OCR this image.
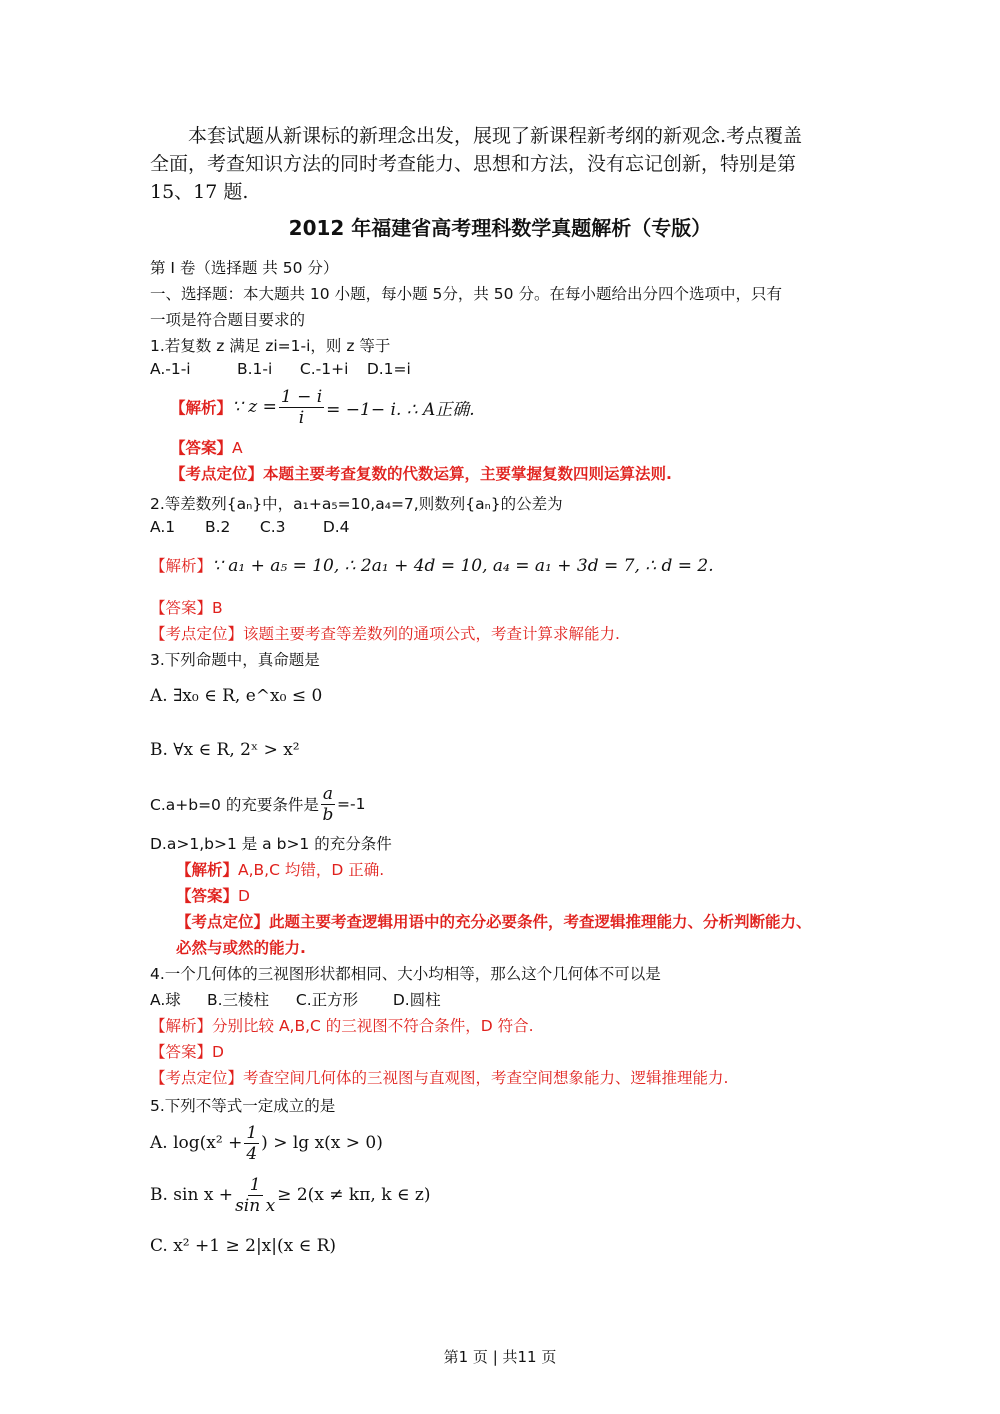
本套试题从新课标的新理念出发，展现了新课程新考纲的新观念.考点覆盖

全面，考查知识方法的同时考查能力、思想和方法，没有忘记创新，特别是第

15、17 题.

2012 年福建省高考理科数学真题解析（专版）
第 I 卷（选择题 共 50 分）
一、选择题：本大题共 10 小题，每小题 5分，共 50 分。在每小题给出分四个选项中，只有
一项是符合题目要求的
1.若复数 z 满足 zi=1-i，则 z 等于
A.-1-i	B.1-i C.-1+i D.1=i
【解析】 ∵ $z = \frac{1 - i}{i} = -1- i$. ∴ A正确.
【答案】A
【考点定位】本题主要考查复数的代数运算，主要掌握复数四则运算法则.
2.等差数列{aₙ}中，a₁+a₅=10,a₄=7,则数列{aₙ}的公差为
A.1 B.2 C.3 D.4
【解析】∵ a₁ + a₅ = 10, ∴ 2a₁ + 4d = 10, a₄ = a₁ + 3d = 7, ∴ d = 2.
【答案】B
【考点定位】该题主要考查等差数列的通项公式，考查计算求解能力.
3.下列命题中，真命题是
A. ∃x₀ ∈ R, e^x₀ ≤ 0
B. ∀x ∈ R, 2ˣ > x²
C.a+b=0 的充要条件是 $\frac{a}{b} =-1$
D.a>1,b>1 是 a b>1 的充分条件
【解析】A,B,C 均错，D 正确.
【答案】D
【考点定位】此题主要考查逻辑用语中的充分必要条件，考查逻辑推理能力、分析判断能力、
必然与或然的能力.
4.一个几何体的三视图形状都相同、大小均相等，那么这个几何体不可以是
A.球 B.三棱柱 C.正方形 D.圆柱
【解析】分别比较 A,B,C 的三视图不符合条件，D 符合.
【答案】D
【考点定位】考查空间几何体的三视图与直观图，考查空间想象能力、逻辑推理能力.
5.下列不等式一定成立的是
A. $\log(x^2 + \frac{1}{4}$ ) > lg x(x > 0)
B. $\sin x + \frac{1}{\text{sin x}} \ge 2(x \ne k\pi$, k ∈ z)
C. x² +1 ≥ 2|x|(x ∈ R)
第1 页 | 共11 页
